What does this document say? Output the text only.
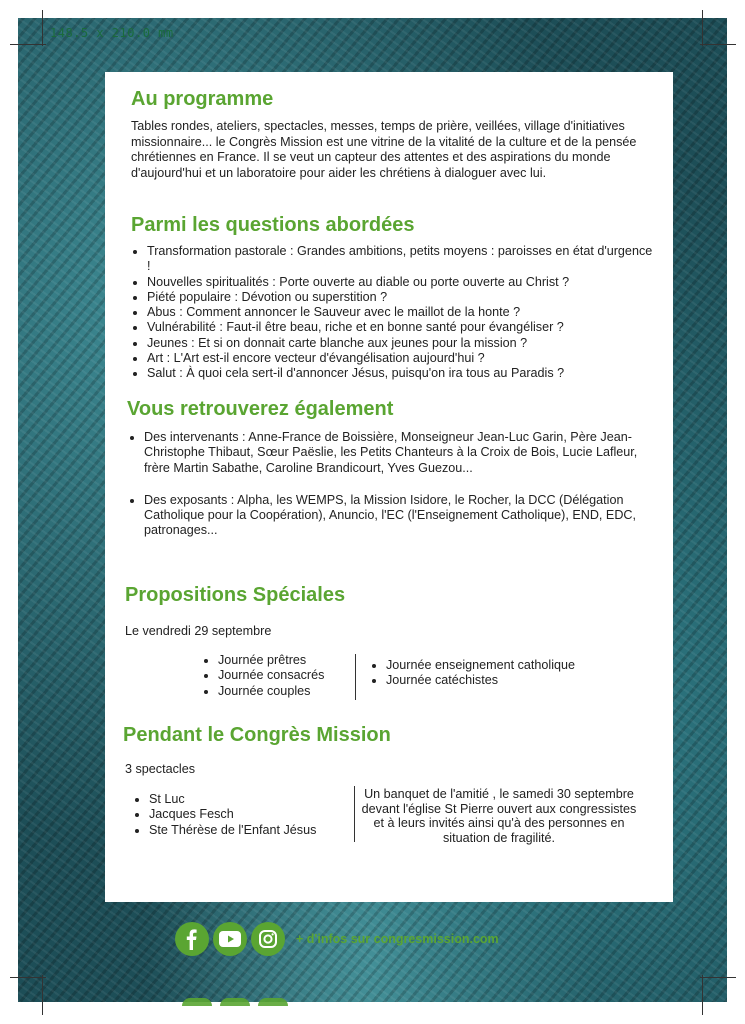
148.5 x 210.0 mm
Au programme

Tables rondes, ateliers, spectacles, messes, temps de prière, veillées, village d'initiatives missionnaire... le Congrès Mission est une vitrine de la vitalité de la culture et de la pensée chrétiennes en France. Il se veut un capteur des attentes et des aspirations du monde d'aujourd'hui et un laboratoire pour aider les chrétiens à dialoguer avec lui.

Parmi les questions abordées
• Transformation pastorale : Grandes ambitions, petits moyens : paroisses en état d'urgence !
• Nouvelles spiritualités : Porte ouverte au diable ou porte ouverte au Christ ?
• Piété populaire : Dévotion ou superstition ?
• Abus : Comment annoncer le Sauveur avec le maillot de la honte ?
• Vulnérabilité : Faut-il être beau, riche et en bonne santé pour évangéliser ?
• Jeunes : Et si on donnait carte blanche aux jeunes pour la mission ?
• Art : L'Art est-il encore vecteur d'évangélisation aujourd'hui ?
• Salut : À quoi cela sert-il d'annoncer Jésus, puisqu'on ira tous au Paradis ?
Vous retrouverez également
• Des intervenants : Anne-France de Boissière, Monseigneur Jean-Luc Garin, Père Jean-Christophe Thibaut, Sœur Paëslie, les Petits Chanteurs à la Croix de Bois, Lucie Lafleur, frère Martin Sabathe, Caroline Brandicourt, Yves Guezou...
• Des exposants : Alpha, les WEMPS, la Mission Isidore, le Rocher, la DCC (Délégation Catholique pour la Coopération), Anuncio, l'EC (l'Enseignement Catholique), END, EDC, patronages...
Propositions Spéciales

Le vendredi 29 septembre

• Journée prêtres
• Journée consacrés
• Journée couples
• Journée enseignement catholique
• Journée catéchistes
Pendant le Congrès Mission

3 spectacles

• St Luc
• Jacques Fesch
• Ste Thérèse de l'Enfant Jésus
Un banquet de l'amitié , le samedi 30 septembre devant l'église St Pierre ouvert aux congressistes et à leurs invités ainsi qu'à des personnes en situation de fragilité.
+ d'infos sur congresmission.com
